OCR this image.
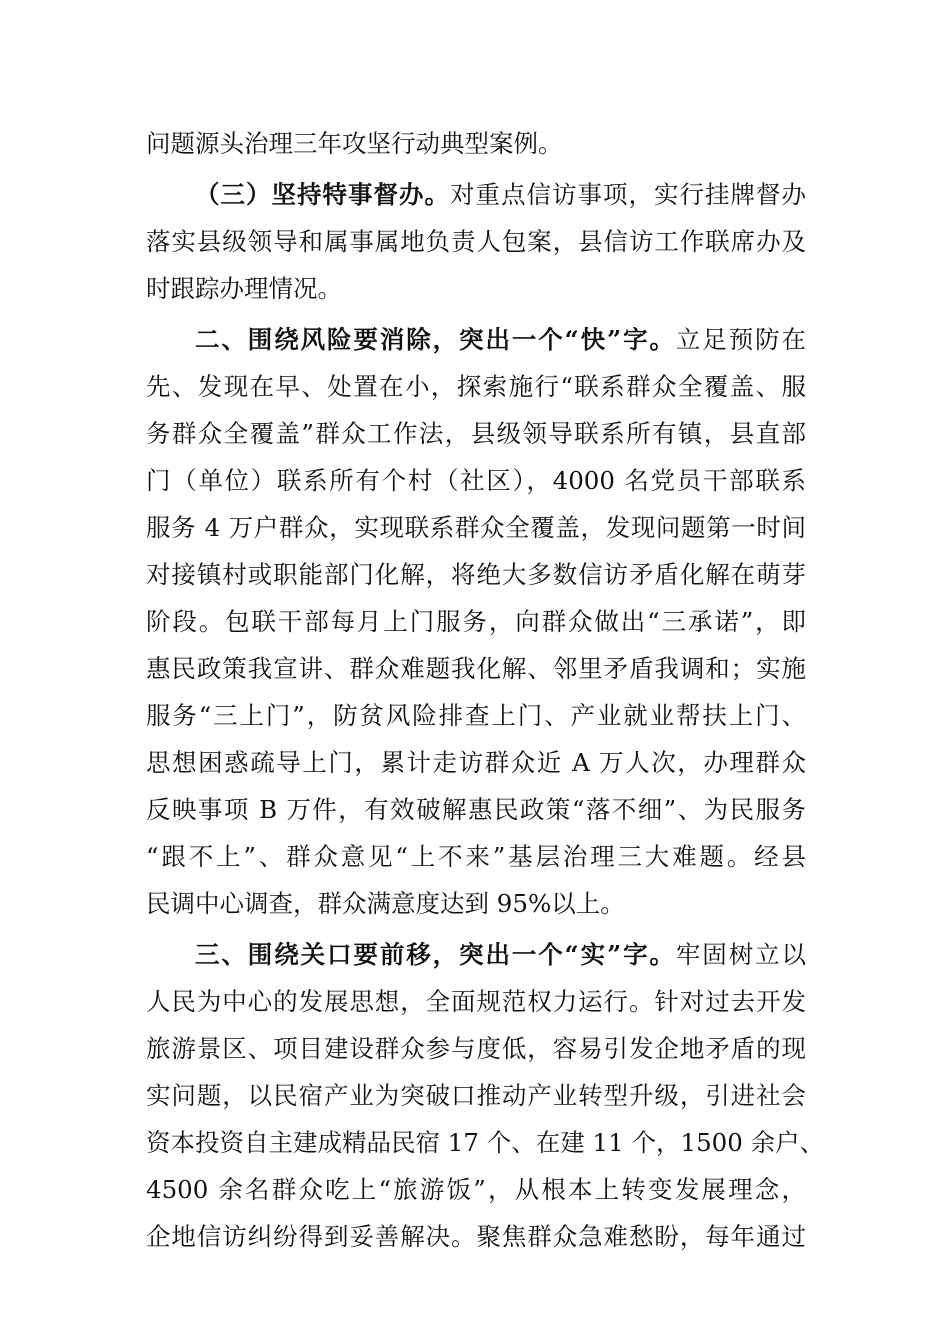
问题源头治理三年攻坚行动典型案例。
（三）坚持特事督办。对重点信访事项，实行挂牌督办
落实县级领导和属事属地负责人包案，县信访工作联席办及
时跟踪办理情况。
二、围绕风险要消除，突出一个“快”字。立足预防在
先、发现在早、处置在小，探索施行“联系群众全覆盖、服
务群众全覆盖”群众工作法，县级领导联系所有镇，县直部
门（单位）联系所有个村（社区），4000 名党员干部联系
服务 4 万户群众，实现联系群众全覆盖，发现问题第一时间
对接镇村或职能部门化解，将绝大多数信访矛盾化解在萌芽
阶段。包联干部每月上门服务，向群众做出“三承诺”，即
惠民政策我宣讲、群众难题我化解、邻里矛盾我调和；实施
服务“三上门”，防贫风险排查上门、产业就业帮扶上门、
思想困惑疏导上门，累计走访群众近 A 万人次，办理群众
反映事项 B 万件，有效破解惠民政策“落不细”、为民服务
“跟不上”、群众意见“上不来”基层治理三大难题。经县
民调中心调查，群众满意度达到 95%以上。
三、围绕关口要前移，突出一个“实”字。牢固树立以
人民为中心的发展思想，全面规范权力运行。针对过去开发
旅游景区、项目建设群众参与度低，容易引发企地矛盾的现
实问题，以民宿产业为突破口推动产业转型升级，引进社会
资本投资自主建成精品民宿 17 个、在建 11 个，1500 余户、
4500 余名群众吃上“旅游饭”，从根本上转变发展理念，
企地信访纠纷得到妥善解决。聚焦群众急难愁盼，每年通过
